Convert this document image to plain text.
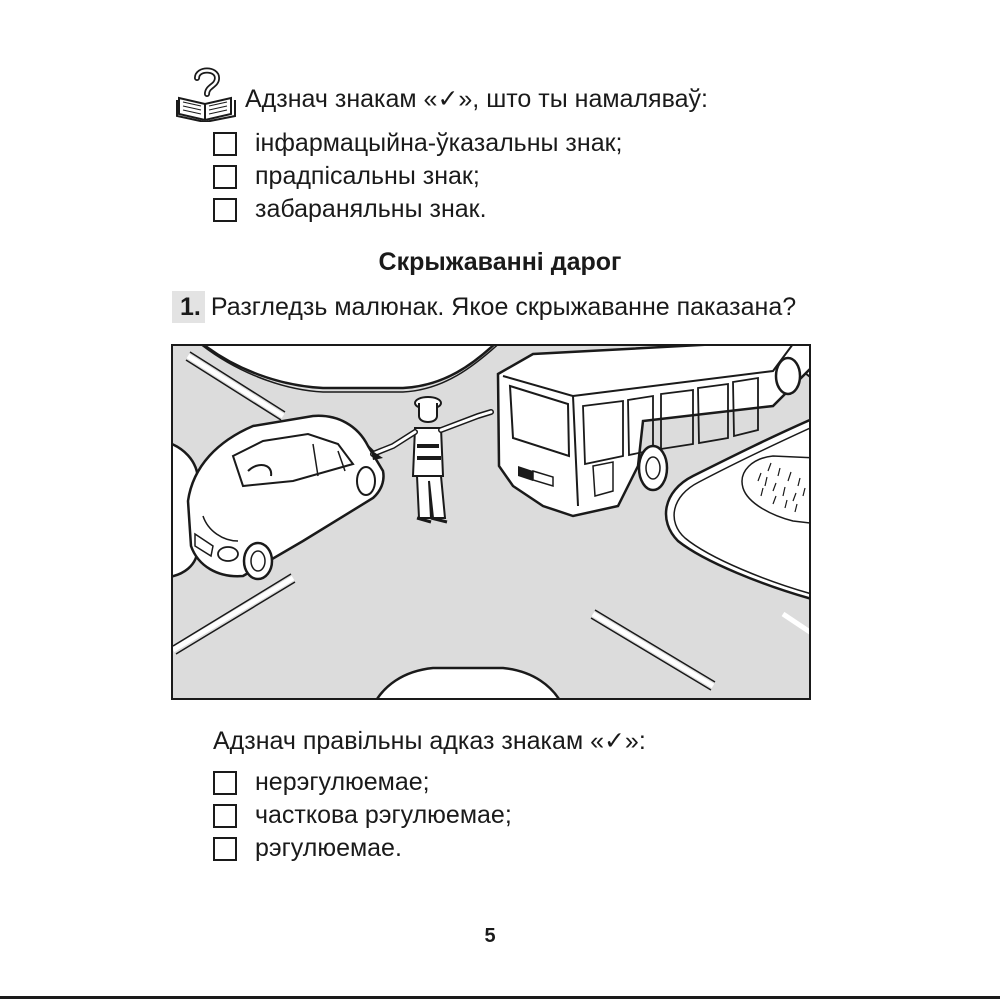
Адзнач знакам «✓», што ты намаляваў:
інфармацыйна-ўказальны знак;
прадпісальны знак;
забараняльны знак.
Скрыжаванні дарог
1. Разгледзь малюнак. Якое скрыжаванне паказана?
Адзнач правільны адказ знакам «✓»:
нерэгулюемае;
часткова рэгулюемае;
рэгулюемае.
5
